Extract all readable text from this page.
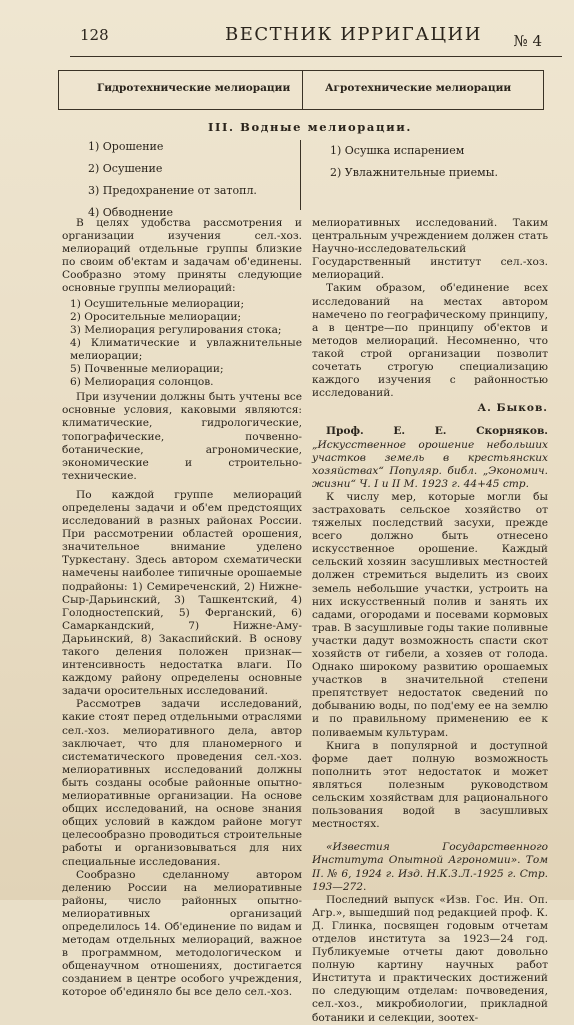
128	ВЕСТНИК ИРРИГАЦИИ № 4
Гидротехнические мелиорации	Агротехнические мелиорации
III. Водные мелиорации.
1) Орошение
2) Осушение
3) Предохранение от затопл.
4) Обводнение
1) Осушка испарением
2) Увлажнительные приемы.

В целях удобства рассмотрения и организации изучения сел.-хоз. мелиораций отдельные группы близкие по своим об'ектам и задачам об'единены. Сообразно этому приняты следующие основные группы мелиораций:

1) Осушительные мелиорации;
2) Оросительные мелиорации;
3) Мелиорация регулирования стока;
4) Климатические и увлажнительные мелиорации;
5) Почвенные мелиорации;
6) Мелиорация солонцов.

При изучении должны быть учтены все основные условия, каковыми являются: климатические, гидрологические, топографические, почвенно-ботанические, агрономические, экономические и строительно-технические.

По каждой группе мелиораций определены задачи и об'ем предстоящих исследований в разных районах России. При рассмотрении областей орошения, значительное внимание уделено Туркестану. Здесь автором схематически намечены наиболее типичные орошаемые подрайоны: 1) Семиреченский, 2) Нижне-Сыр-Дарьинский, 3) Ташкентский, 4) Голодностепский, 5) Ферганский, 6) Самаркандский, 7) Нижне-Аму-Дарьинский, 8) Закаспийский. В основу такого деления положен признак—интенсивность недостатка влаги. По каждому району определены основные задачи оросительных исследований.

Рассмотрев задачи исследований, какие стоят перед отдельными отраслями сел.-хоз. мелиоративного дела, автор заключает, что для планомерного и систематического проведения сел.-хоз. мелиоративных исследований должны быть созданы особые районные опытно-мелиоративные организации. На основе общих исследований, на основе знания общих условий в каждом районе могут целесообразно проводиться строительные работы и организовываться для них специальные исследования.

Сообразно сделанному автором делению России на мелиоративные районы, число районных опытно-мелиоративных организаций определилось 14. Об'единение по видам и методам отдельных мелиораций, важное в программном, методологическом и общенаучном отношениях, достигается созданием в центре особого учреждения, которое об'единяло бы все дело сел.-хоз.

мелиоративных исследований. Таким центральным учреждением должен стать Научно-исследовательский Государственный институт сел.-хоз. мелиораций.

Таким образом, об'единение всех исследований на местах автором намечено по географическому принципу, а в центре—по принципу об'ектов и методов мелиораций. Несомненно, что такой строй организации позволит сочетать строгую специализацию каждого изучения с районностью исследований.

А. Быков.

Проф. Е. Е. Скорняков. „Искусственное орошение небольших участков земель в крестьянских хозяйствах“ Популяр. библ. „Экономич. жизни“ Ч. I и II М. 1923 г. 44+45 стр.

К числу мер, которые могли бы застраховать сельское хозяйство от тяжелых последствий засухи, прежде всего должно быть отнесено искусственное орошение. Каждый сельский хозяин засушливых местностей должен стремиться выделить из своих земель небольшие участки, устроить на них искусственный полив и занять их садами, огородами и посевами кормовых трав. В засушливые годы такие поливные участки дадут возможность спасти скот хозяйств от гибели, а хозяев от голода. Однако широкому развитию орошаемых участков в значительной степени препятствует недостаток сведений по добыванию воды, по под'ему ее на землю и по правильному применению ее к поливаемым культурам.

Книга в популярной и доступной форме дает полную возможность пополнить этот недостаток и может являться полезным руководством сельским хозяйствам для рационального пользования водой в засушливых местностях.

«Известия Государственного Института Опытной Агрономии». Том II. № 6, 1924 г. Изд. Н.К.З.Л.-1925 г. Стр. 193—272.

Последний выпуск «Изв. Гос. Ин. Оп. Агр.», вышедший под редакцией проф. К. Д. Глинка, посвящен годовым отчетам отделов института за 1923—24 год. Публикуемые отчеты дают довольно полную картину научных работ Института и практических достижений по следующим отделам: почвоведения, сел.-хоз., микробиологии, прикладной ботаники и селекции, зоотех-
